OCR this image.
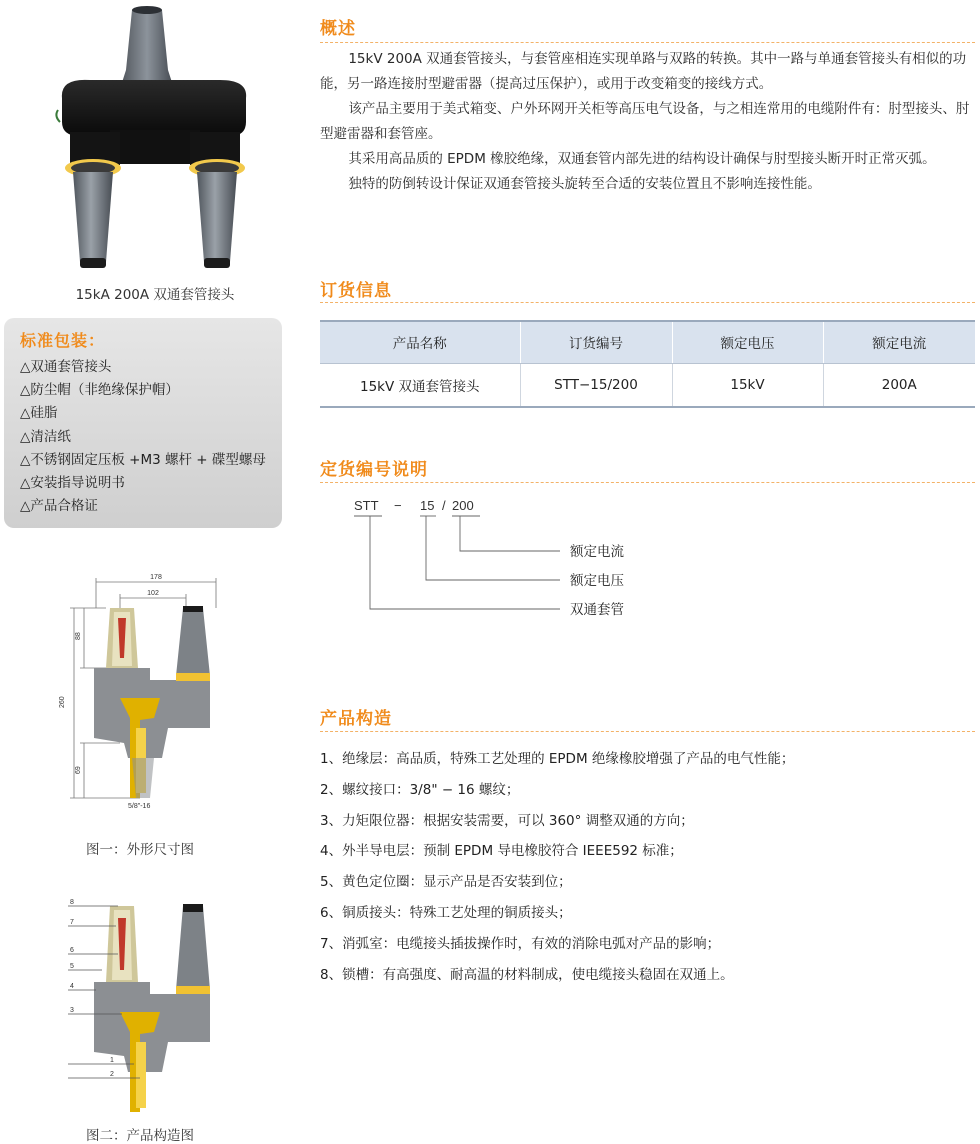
15kA 200A 双通套管接头
标准包装：
△双通套管接头
△防尘帽（非绝缘保护帽）
△硅脂
△清洁纸
△不锈钢固定压板 +M3 螺杆 + 碟型螺母
△安装指导说明书
△产品合格证
178
102
260
88
69
5/8"-16
图一：外形尺寸图
8
7
6
5
4
3
1
2
图二：产品构造图
概述

15kV 200A 双通套管接头，与套管座相连实现单路与双路的转换。其中一路与单通套管接头有相似的功能，另一路连接肘型避雷器（提高过压保护），或用于改变箱变的接线方式。

该产品主要用于美式箱变、户外环网开关柜等高压电气设备，与之相连常用的电缆附件有：肘型接头、肘型避雷器和套管座。

其采用高品质的 EPDM 橡胶绝缘，双通套管内部先进的结构设计确保与肘型接头断开时正常灭弧。

独特的防倒转设计保证双通套管接头旋转至合适的安装位置且不影响连接性能。

订货信息
产品名称	订货编号	额定电压	额定电流
15kV 双通套管接头	STT−15/200	15kV	200A
定货编号说明
STT − 15 / 200
额定电流
额定电压
双通套管
产品构造
1、绝缘层：高品质，特殊工艺处理的 EPDM 绝缘橡胶增强了产品的电气性能；
2、螺纹接口：3/8" − 16 螺纹；
3、力矩限位器：根据安装需要，可以 360° 调整双通的方向；
4、外半导电层：预制 EPDM 导电橡胶符合 IEEE592 标准；
5、黄色定位圈：显示产品是否安装到位；
6、铜质接头：特殊工艺处理的铜质接头；
7、消弧室：电缆接头插拔操作时，有效的消除电弧对产品的影响；
8、锁槽：有高强度、耐高温的材料制成，使电缆接头稳固在双通上。
